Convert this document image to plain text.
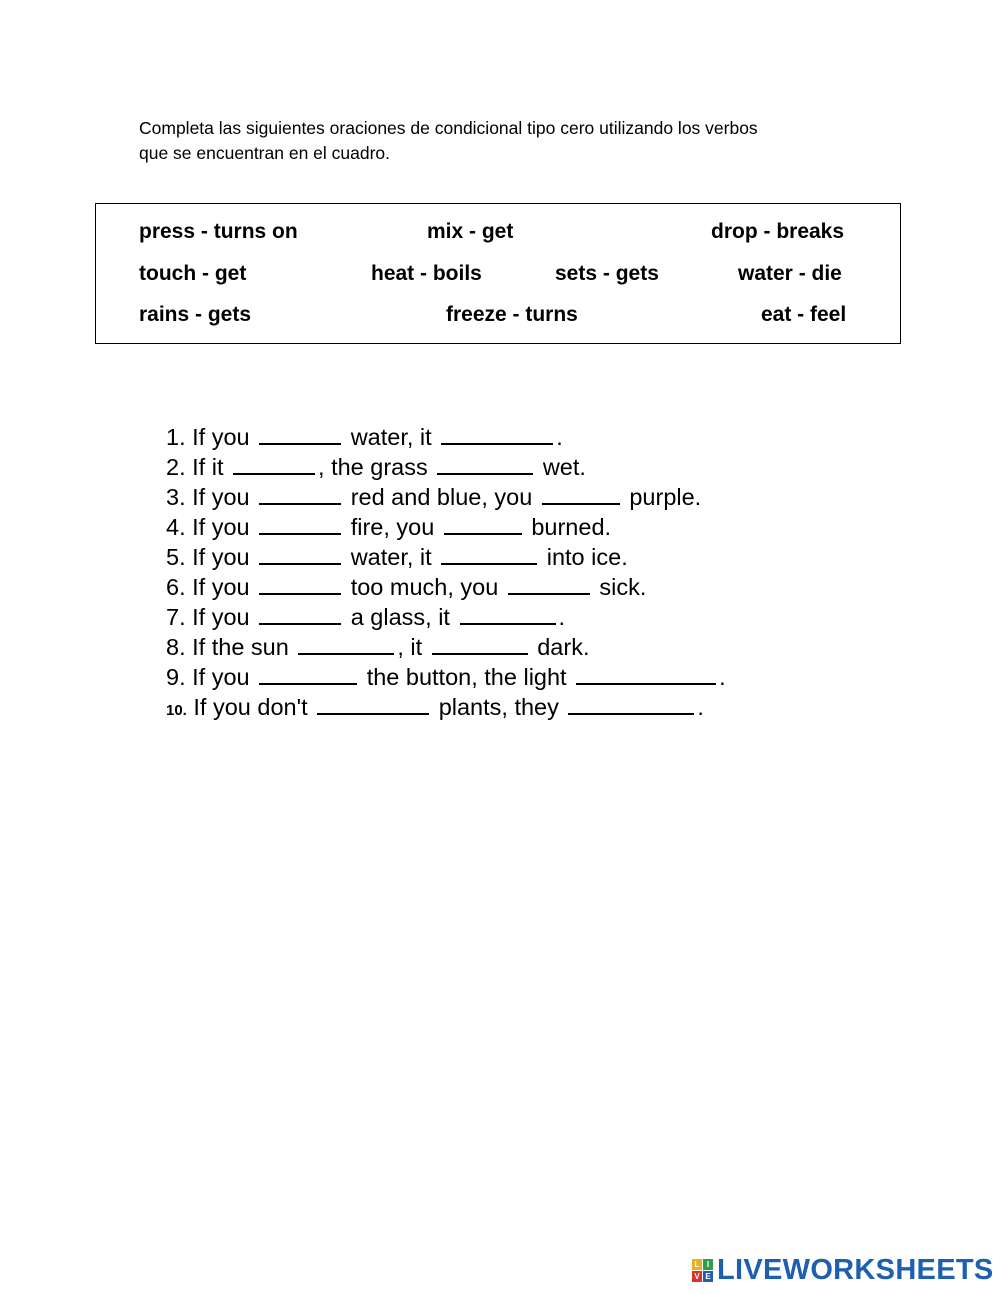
Completa las siguientes oraciones de condicional tipo cero utilizando los verbos
que se encuentran en el cuadro.
press - turns on	mix - get	drop - breaks
touch - get	heat - boils	sets - gets	water - die
rains - gets	freeze - turns	eat - feel
1. If you	water, it	.
2. If it	, the grass	wet.
3. If you	red and blue, you	purple.
4. If you	fire, you	burned.
5. If you	water, it	into ice.
6. If you	too much, you	sick.
7. If you	a glass, it	.
8. If the sun	, it	dark.
9. If you	the button, the light	.
10. If you don't	plants, they	.
L I
V E LIVEWORKSHEETS
